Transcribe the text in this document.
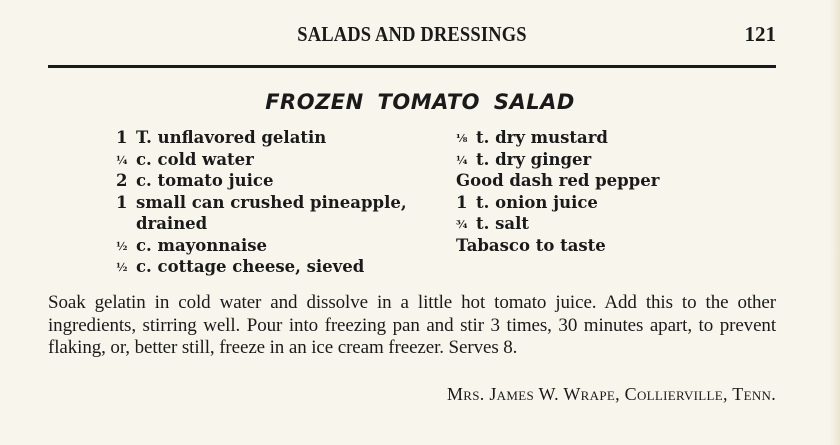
SALADS AND DRESSINGS	121
FROZEN TOMATO SALAD
1 T. unflavored gelatin
¼ c. cold water
2 c. tomato juice
1 small can crushed pineapple,
drained
½ c. mayonnaise
½ c. cottage cheese, sieved
⅛ t. dry mustard
¼ t. dry ginger
Good dash red pepper
1 t. onion juice
¾ t. salt
Tabasco to taste
Soak gelatin in cold water and dissolve in a little hot tomato juice. Add this to the other ingredients, stirring well. Pour into freezing pan and stir 3 times, 30 minutes apart, to prevent flaking, or, better still, freeze in an ice cream freezer. Serves 8.
Mrs. James W. Wrape, Collierville, Tenn.
